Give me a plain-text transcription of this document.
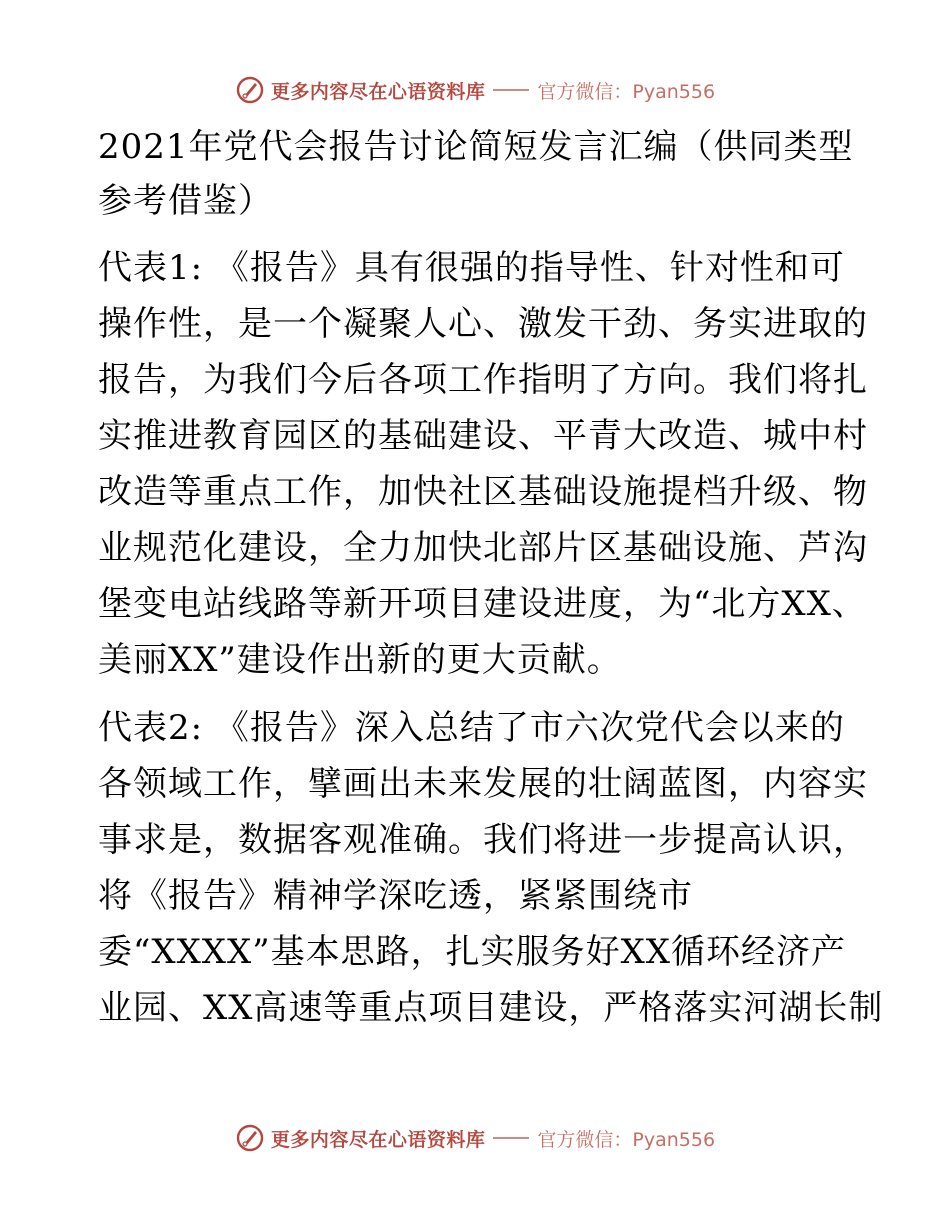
更多内容尽在心语资料库	官方微信：Pyan556
2021年党代会报告讨论简短发言汇编（供同类型
参考借鉴）

代表1: 《报告》具有很强的指导性、针对性和可
操作性，是一个凝聚人心、激发干劲、务实进取的
报告，为我们今后各项工作指明了方向。我们将扎
实推进教育园区的基础建设、平青大改造、城中村
改造等重点工作，加快社区基础设施提档升级、物
业规范化建设，全力加快北部片区基础设施、芦沟
堡变电站线路等新开项目建设进度，为“北方XX、
美丽XX”建设作出新的更大贡献。

代表2: 《报告》深入总结了市六次党代会以来的
各领域工作，擘画出未来发展的壮阔蓝图，内容实
事求是，数据客观准确。我们将进一步提高认识，
将《报告》精神学深吃透，紧紧围绕市
委“XXXX”基本思路，扎实服务好XX循环经济产
业园、XX高速等重点项目建设，严格落实河湖长制

更多内容尽在心语资料库	官方微信：Pyan556
